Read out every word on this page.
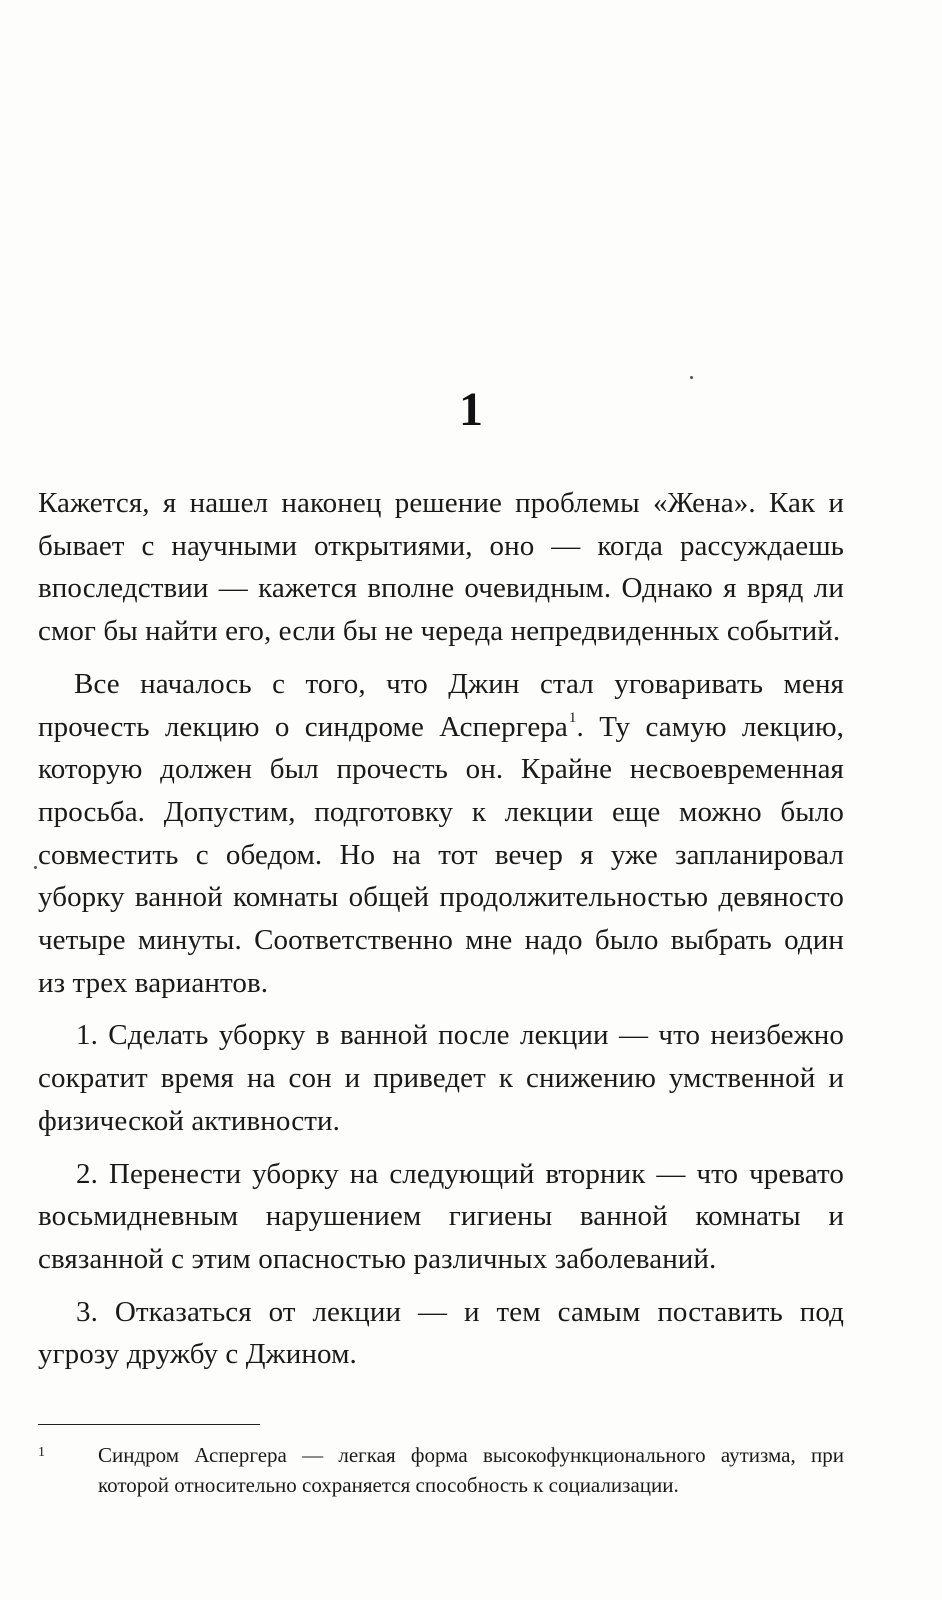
1

Кажется, я нашел наконец решение проблемы «Жена». Как и бывает с научными открытиями, оно — когда рассуждаешь впоследствии — кажется вполне очевидным. Однако я вряд ли смог бы найти его, если бы не череда непредвиденных событий.

Все началось с того, что Джин стал уговаривать меня прочесть лекцию о синдроме Аспергера$^1$. Ту самую лекцию, которую должен был прочесть он. Крайне несвоевременная просьба. Допустим, подготовку к лекции еще можно было совместить с обедом. Но на тот вечер я уже запланировал уборку ванной комнаты общей продолжительностью девяносто четыре минуты. Соответственно мне надо было выбрать один из трех вариантов.

1. Сделать уборку в ванной после лекции — что неизбежно сократит время на сон и приведет к снижению умственной и физической активности.

2. Перенести уборку на следующий вторник — что чревато восьмидневным нарушением гигиены ванной комнаты и связанной с этим опасностью различных заболеваний.

3. Отказаться от лекции — и тем самым поставить под угрозу дружбу с Джином.

1	Синдром Аспергера — легкая форма высокофункционального аутизма, при которой относительно сохраняется способность к социализации.
